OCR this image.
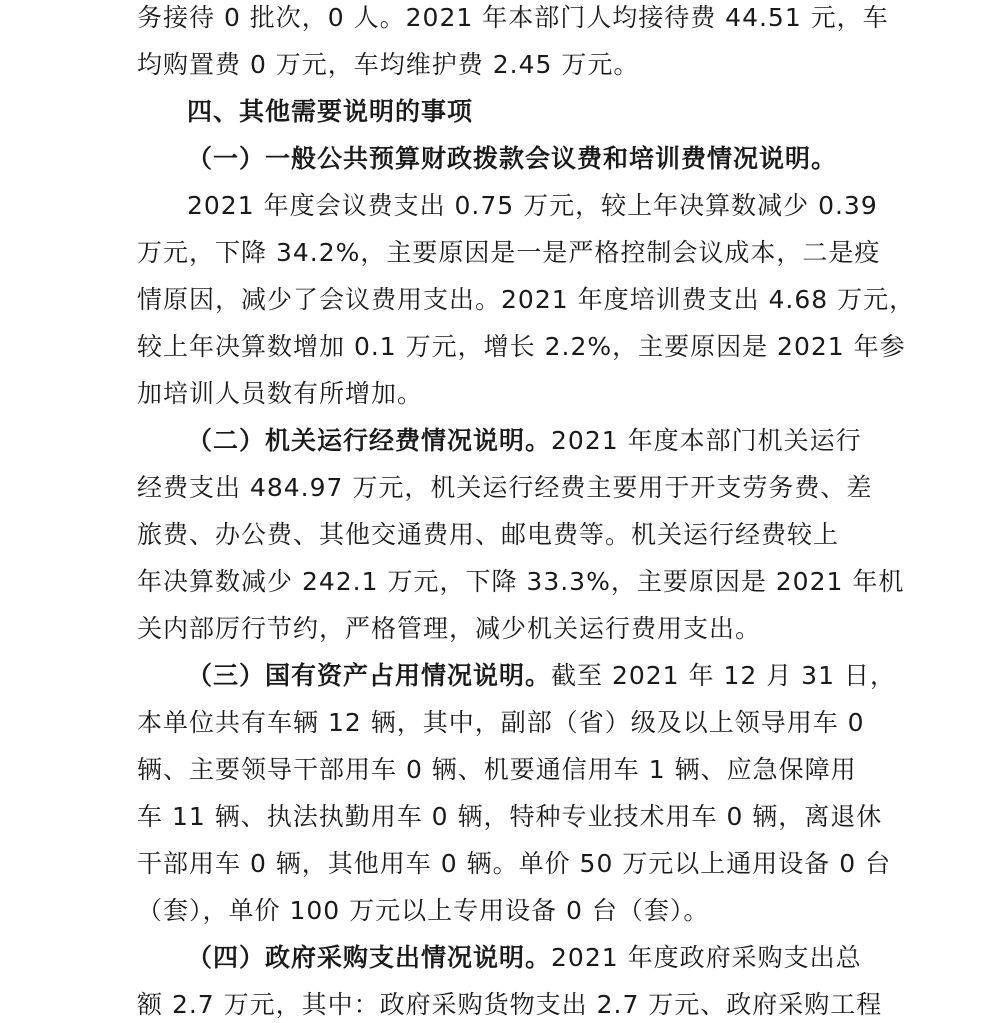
务接待 0 批次，0 人。2021 年本部门人均接待费 44.51 元，车
均购置费 0 万元，车均维护费 2.45 万元。
四、其他需要说明的事项
（一）一般公共预算财政拨款会议费和培训费情况说明。
2021 年度会议费支出 0.75 万元，较上年决算数减少 0.39
万元，下降 34.2%，主要原因是一是严格控制会议成本，二是疫
情原因，减少了会议费用支出。2021 年度培训费支出 4.68 万元，
较上年决算数增加 0.1 万元，增长 2.2%，主要原因是 2021 年参
加培训人员数有所增加。
（二）机关运行经费情况说明。2021 年度本部门机关运行
经费支出 484.97 万元，机关运行经费主要用于开支劳务费、差
旅费、办公费、其他交通费用、邮电费等。机关运行经费较上
年决算数减少 242.1 万元，下降 33.3%，主要原因是 2021 年机
关内部厉行节约，严格管理，减少机关运行费用支出。
（三）国有资产占用情况说明。截至 2021 年 12 月 31 日，
本单位共有车辆 12 辆，其中，副部（省）级及以上领导用车 0
辆、主要领导干部用车 0 辆、机要通信用车 1 辆、应急保障用
车 11 辆、执法执勤用车 0 辆，特种专业技术用车 0 辆，离退休
干部用车 0 辆，其他用车 0 辆。单价 50 万元以上通用设备 0 台
（套），单价 100 万元以上专用设备 0 台（套）。
（四）政府采购支出情况说明。2021 年度政府采购支出总
额 2.7 万元，其中：政府采购货物支出 2.7 万元、政府采购工程
